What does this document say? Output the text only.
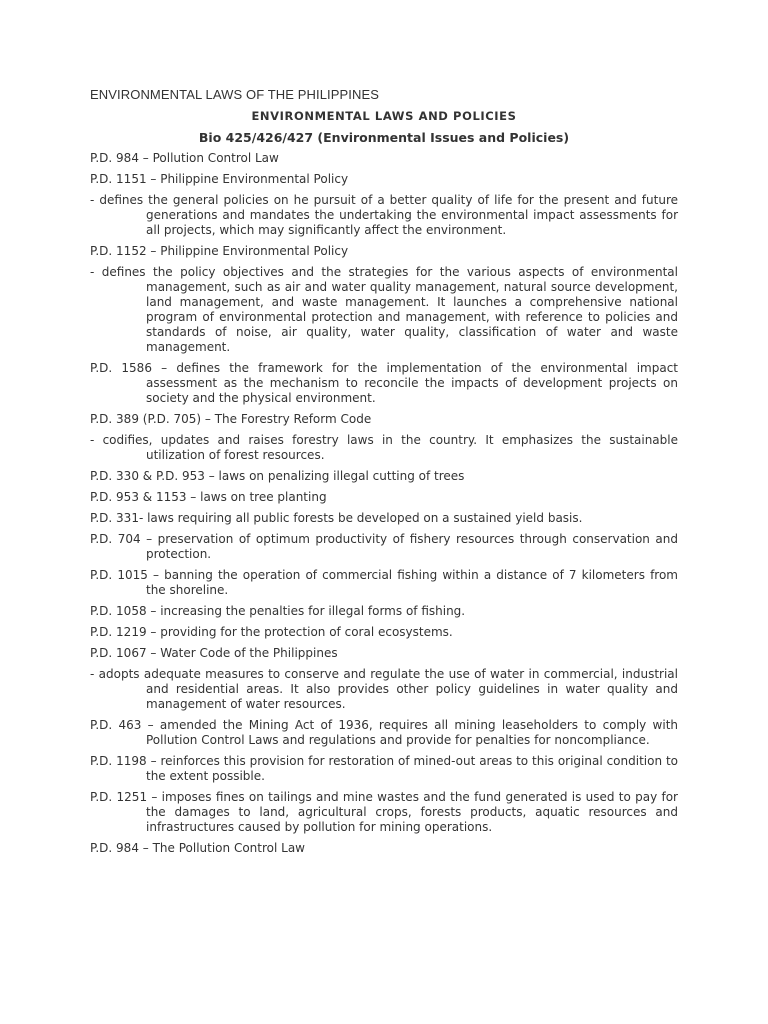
ENVIRONMENTAL LAWS OF THE PHILIPPINES
ENVIRONMENTAL LAWS AND POLICIES
Bio 425/426/427 (Environmental Issues and Policies)

P.D. 984 – Pollution Control Law

P.D. 1151 – Philippine Environmental Policy

- defines the general policies on he pursuit of a better quality of life for the present and future generations and mandates the undertaking the environmental impact assessments for all projects, which may significantly affect the environment.

P.D. 1152 – Philippine Environmental Policy

- defines the policy objectives and the strategies for the various aspects of environmental management, such as air and water quality management, natural source development, land management, and waste management. It launches a comprehensive national program of environmental protection and management, with reference to policies and standards of noise, air quality, water quality, classification of water and waste management.

P.D. 1586 – defines the framework for the implementation of the environmental impact assessment as the mechanism to reconcile the impacts of development projects on society and the physical environment.

P.D. 389 (P.D. 705) – The Forestry Reform Code

- codifies, updates and raises forestry laws in the country. It emphasizes the sustainable utilization of forest resources.

P.D. 330 & P.D. 953 – laws on penalizing illegal cutting of trees

P.D. 953 & 1153 – laws on tree planting

P.D. 331- laws requiring all public forests be developed on a sustained yield basis.

P.D. 704 – preservation of optimum productivity of fishery resources through conservation and protection.

P.D. 1015 – banning the operation of commercial fishing within a distance of 7 kilometers from the shoreline.

P.D. 1058 – increasing the penalties for illegal forms of fishing.

P.D. 1219 – providing for the protection of coral ecosystems.

P.D. 1067 – Water Code of the Philippines

- adopts adequate measures to conserve and regulate the use of water in commercial, industrial and residential areas. It also provides other policy guidelines in water quality and management of water resources.

P.D. 463 – amended the Mining Act of 1936, requires all mining leaseholders to comply with Pollution Control Laws and regulations and provide for penalties for noncompliance.

P.D. 1198 – reinforces this provision for restoration of mined-out areas to this original condition to the extent possible.

P.D. 1251 – imposes fines on tailings and mine wastes and the fund generated is used to pay for the damages to land, agricultural crops, forests products, aquatic resources and infrastructures caused by pollution for mining operations.

P.D. 984 – The Pollution Control Law
